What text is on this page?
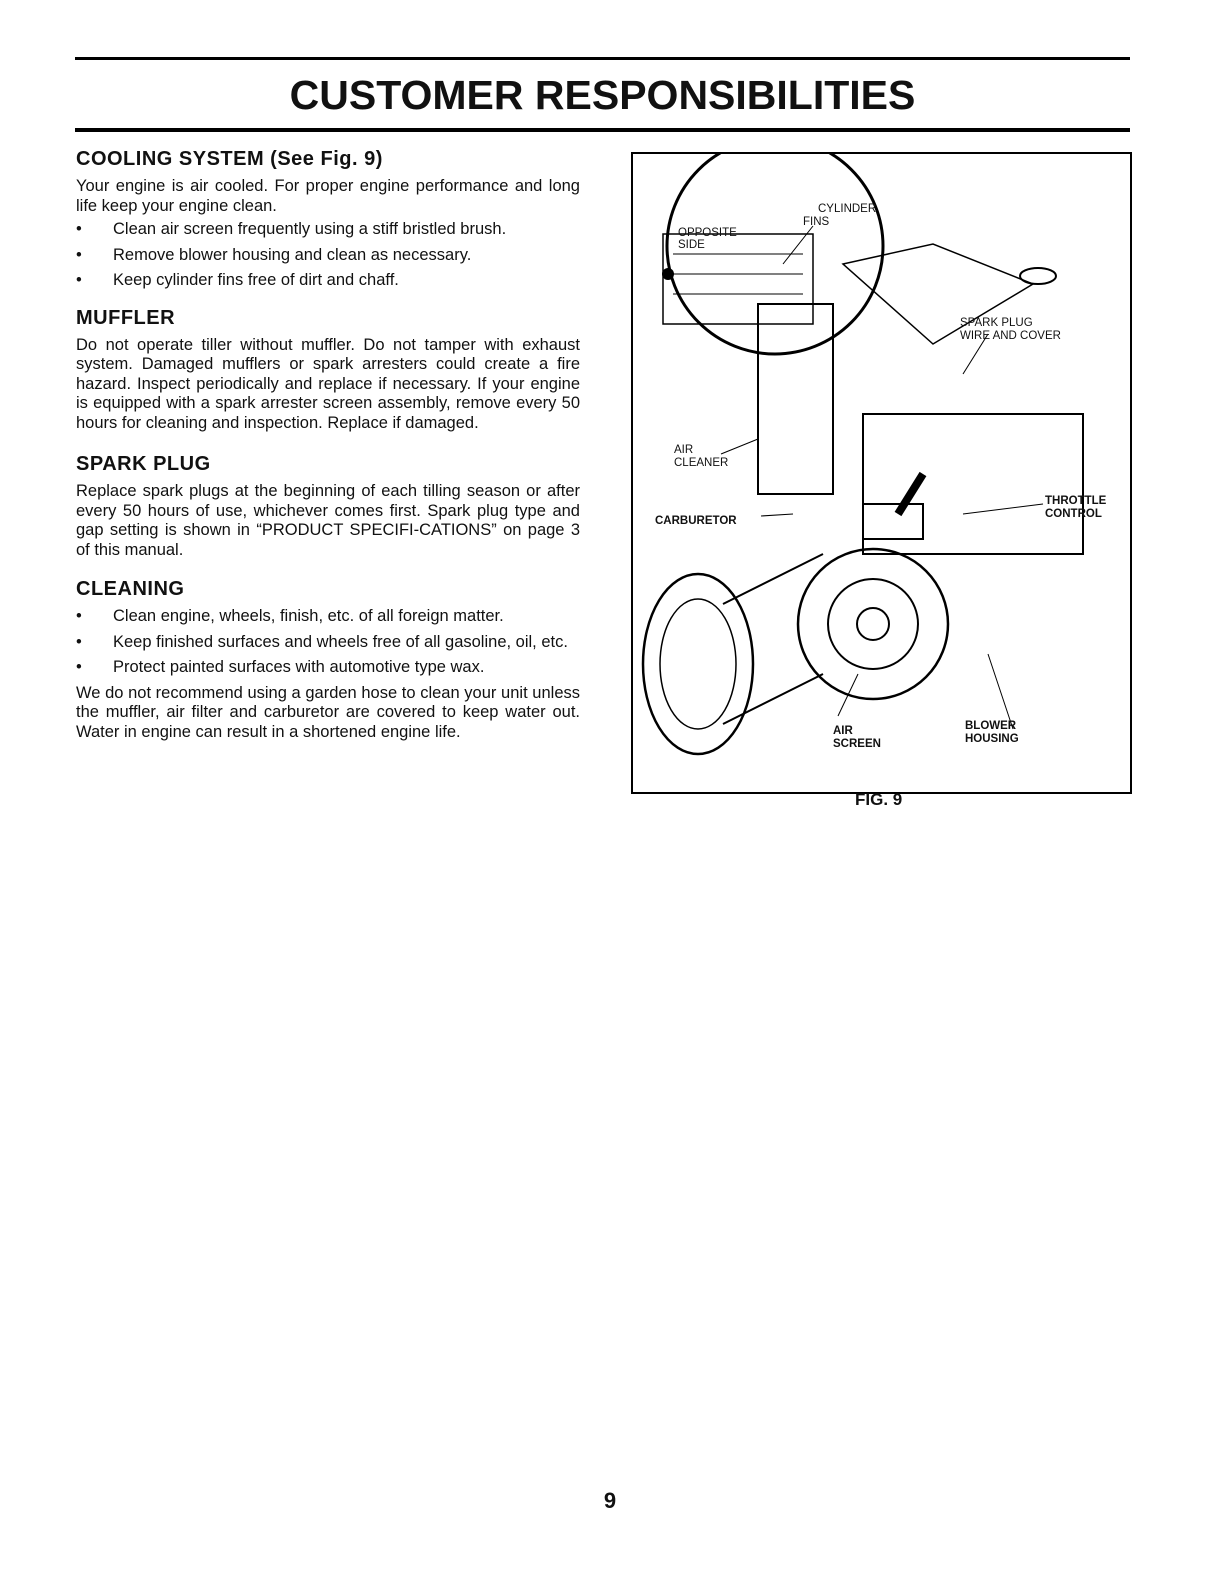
CUSTOMER RESPONSIBILITIES
COOLING SYSTEM (See Fig. 9)

Your engine is air cooled. For proper engine performance and long life keep your engine clean.

• Clean air screen frequently using a stiff bristled brush.
• Remove blower housing and clean as necessary.
• Keep cylinder fins free of dirt and chaff.
MUFFLER

Do not operate tiller without muffler. Do not tamper with exhaust system. Damaged mufflers or spark arresters could create a fire hazard. Inspect periodically and replace if necessary. If your engine is equipped with a spark arrester screen assembly, remove every 50 hours for cleaning and inspection. Replace if damaged.

SPARK PLUG

Replace spark plugs at the beginning of each tilling season or after every 50 hours of use, whichever comes first. Spark plug type and gap setting is shown in “PRODUCT SPECIFI-CATIONS” on page 3 of this manual.

CLEANING
• Clean engine, wheels, finish, etc. of all foreign matter.
• Keep finished surfaces and wheels free of all gasoline, oil, etc.
• Protect painted surfaces with automotive type wax.

We do not recommend using a garden hose to clean your unit unless the muffler, air filter and carburetor are covered to keep water out. Water in engine can result in a shortened engine life.

CYLINDER
FINS
OPPOSITE
SIDE
SPARK PLUG
WIRE AND COVER
AIR
CLEANER
CARBURETOR
THROTTLE
CONTROL
AIR
SCREEN
BLOWER
HOUSING

FIG. 9

9
